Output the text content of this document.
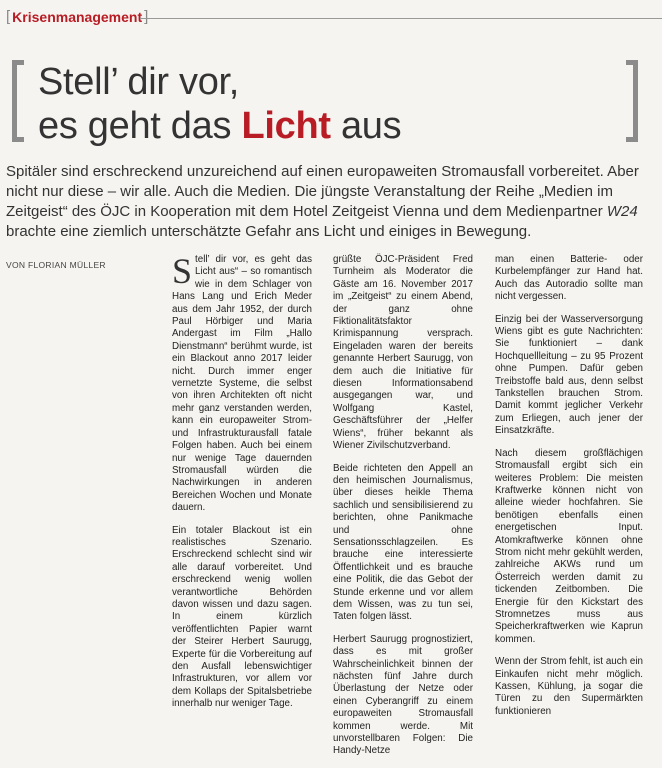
[ Krisenmanagement ]
Stell’ dir vor,
es geht das Licht aus
Spitäler sind erschreckend unzureichend auf einen europaweiten Stromausfall vorbereitet. Aber nicht nur diese – wir alle. Auch die Medien. Die jüngste Veranstaltung der Reihe „Medien im Zeitgeist“ des ÖJC in Kooperation mit dem Hotel Zeitgeist Vienna und dem Medienpartner W24 brachte eine ziemlich unterschätzte Gefahr ans Licht und einiges in Bewegung.
VON FLORIAN MÜLLER Stell’ dir vor, es geht das Licht aus“ – so romantisch wie in dem Schlager von Hans Lang und Erich Meder aus dem Jahr 1952, der durch Paul Hörbiger und Maria Andergast im Film „Hallo Dienstmann“ berühmt wurde, ist ein Blackout anno 2017 leider nicht. Durch immer enger vernetzte Systeme, die selbst von ihren Architekten oft nicht mehr ganz verstanden werden, kann ein europaweiter Strom- und Infrastrukturausfall fatale Folgen haben. Auch bei einem nur wenige Tage dauernden Stromausfall würden die Nachwirkungen in anderen Bereichen Wochen und Monate dauern.

Ein totaler Blackout ist ein realistisches Szenario. Erschreckend schlecht sind wir alle darauf vorbereitet. Und erschreckend wenig wollen verantwortliche Behörden davon wissen und dazu sagen. In einem kürzlich veröffentlichten Papier warnt der Steirer Herbert Saurugg, Experte für die Vorbereitung auf den Ausfall lebenswichtiger Infrastrukturen, vor allem vor dem Kollaps der Spitalsbetriebe innerhalb nur weniger Tage.

grüßte ÖJC-Präsident Fred Turnheim als Moderator die Gäste am 16. November 2017 im „Zeitgeist“ zu einem Abend, der ganz ohne Fiktionalitätsfaktor Krimispannung versprach. Eingeladen waren der bereits genannte Herbert Saurugg, von dem auch die Initiative für diesen Informationsabend ausgegangen war, und Wolfgang Kastel, Geschäftsführer der „Helfer Wiens“, früher bekannt als Wiener Zivilschutzverband.

Beide richteten den Appell an den heimischen Journalismus, über dieses heikle Thema sachlich und sensibilisierend zu berichten, ohne Panikmache und ohne Sensationsschlagzeilen. Es brauche eine interessierte Öffentlichkeit und es brauche eine Politik, die das Gebot der Stunde erkenne und vor allem dem Wissen, was zu tun sei, Taten folgen lässt.

Herbert Saurugg prognostiziert, dass es mit großer Wahrscheinlichkeit binnen der nächsten fünf Jahre durch Überlastung der Netze oder einen Cyberangriff zu einem europaweiten Stromausfall kommen werde. Mit unvorstellbaren Folgen: Die Handy-Netze

man einen Batterie- oder Kurbelempfänger zur Hand hat. Auch das Autoradio sollte man nicht vergessen.

Einzig bei der Wasserversorgung Wiens gibt es gute Nachrichten: Sie funktioniert – dank Hochquellleitung – zu 95 Prozent ohne Pumpen. Dafür geben Treibstoffe bald aus, denn selbst Tankstellen brauchen Strom. Damit kommt jeglicher Verkehr zum Erliegen, auch jener der Einsatzkräfte.

Nach diesem großflächigen Stromausfall ergibt sich ein weiteres Problem: Die meisten Kraftwerke können nicht von alleine wieder hochfahren. Sie benötigen ebenfalls einen energetischen Input. Atomkraftwerke können ohne Strom nicht mehr gekühlt werden, zahlreiche AKWs rund um Österreich werden damit zu tickenden Zeitbomben. Die Energie für den Kickstart des Stromnetzes muss aus Speicherkraftwerken wie Kaprun kommen.

Wenn der Strom fehlt, ist auch ein Einkaufen nicht mehr möglich. Kassen, Kühlung, ja sogar die Türen zu den Supermärkten funktionieren
